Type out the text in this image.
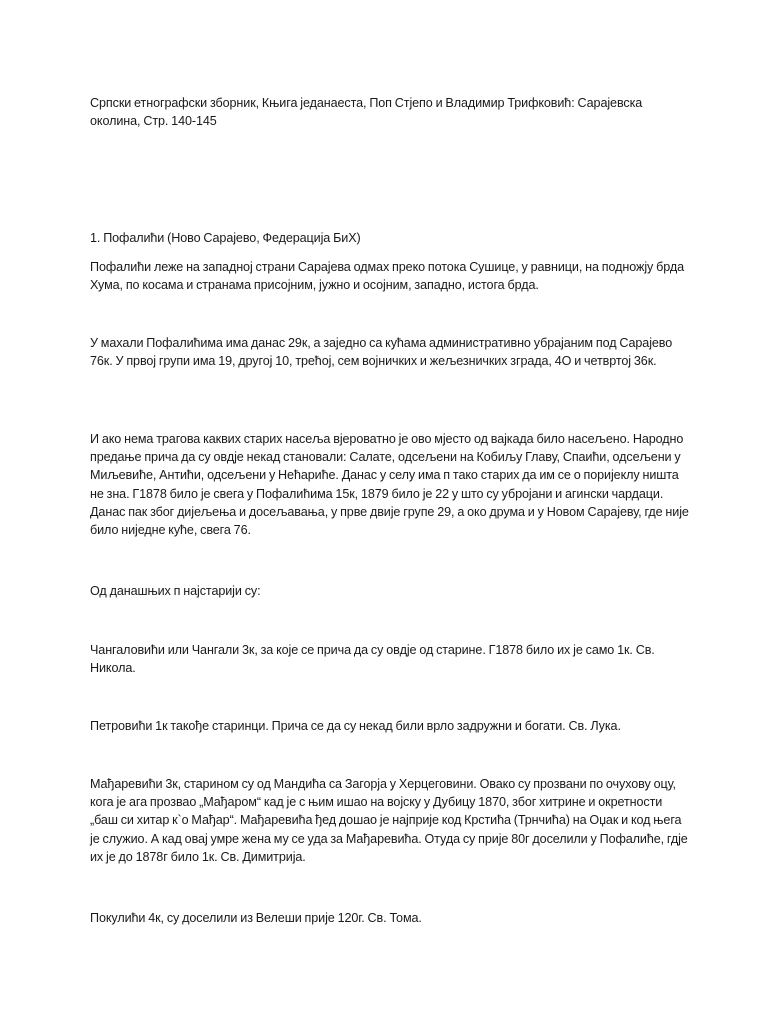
Српски етнографски зборник, Књига једанаеста, Поп Стјепо и Владимир Трифковић: Сарајевска околина, Стр. 140-145

1. Пофалићи (Ново Сарајево, Федерација БиХ)

Пофалићи леже на западној страни Сарајева одмах преко потока Сушице, у равници, на подножју брда Хума, по косама и странама присојним, јужно и осојним, западно, истога брда.

У махали Пофалићима има данас 29к, а заједно са кућама административно убрајаним под Сарајево 76к. У првој групи има 19, другој 10, трећој, сем војничких и жељезничких зграда, 4О и четвртој 36к.

И ако нема трагова каквих старих насеља вјероватно је ово мјесто од вајкада било насељено. Народно предање прича да су овдје некад становали: Салате, одсељени на Кобиљу Главу, Спаићи, одсељени у Миљевиће, Антићи, одсељени у Нећариће. Данас у селу има п тако старих да им се о поријеклу ништа не зна. Г1878 било је свега у Пофалићима 15к, 1879 било је 22 у што су убројани и агински чардаци. Данас пак због дијељења и досељавања, у прве двије групе 29, а око друма и у Новом Сарајеву, где није било ниједне куће, свега 76.

Од данашњих п најстарији су:

Чангаловићи или Чангали 3к, за које се прича да су овдје од старине. Г1878 било их је само 1к. Св. Никола.

Петровићи 1к такође старинци. Прича се да су некад били врло задружни и богати. Св. Лука.

Мађаревићи 3к, старином су од Мандића са Загорја у Херцеговини. Овако су прозвани по очухову оцу, кога је ага прозвао „Мађаром“ кад је с њим ишао на војску у Дубицу 1870, због хитрине и окретности „баш си хитар к`о Мађар“. Мађаревића ђед дошао је најприје код Крстића (Трнчића) на Оџак и код њега је служио. А кад овај умре жена му се уда за Мађаревића. Отуда су прије 80г доселили у Пофалиће, гдје их је до 1878г било 1к. Св. Димитрија.

Покулићи 4к, су доселили из Велеши прије 120г. Св. Тома.
